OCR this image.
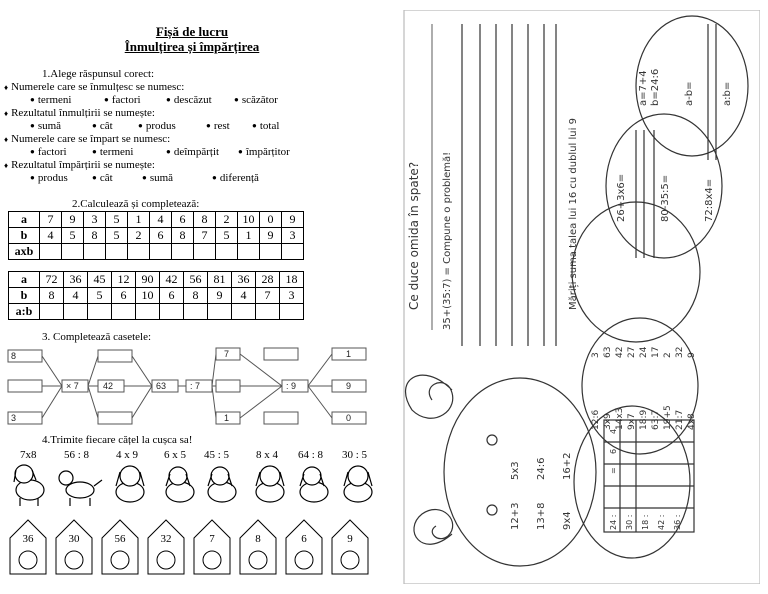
Fișă de lucru
Înmulțirea și împărțirea
1.Alege răspunsul corect:
♦ Numerele care se înmulțesc se numesc:
● termeni	● factori	● descăzut	● scăzător
♦ Rezultatul înmulțirii se numește:
● sumă	● cât	● produs	● rest	● total
♦ Numerele care se împart se numesc:
● factori	● termeni	● deîmpărțit	● împărțitor
♦ Rezultatul împărțirii se numește:
● produs	● cât	● sumă	● diferență
2.Calculează și completează:
a	7	9	3	5	1	4	6	8	2	10	0	9
b	4	5	8	5	2	6	8	7	5	1	9	3
axb												
a	72	36	45	12	90	42	56	81	36	28	18
b	8	4	5	6	10	6	8	9	4	7	3
a:b											
3. Completează casetele:
8
3
× 7	42	63	: 7
7
1
: 9
1
9
0
4.Trimite fiecare cățel la cușca sa!
7x8	56 : 8 4 x 9 6 x 5 45 : 5 8 x 4 64 : 8 30 : 5
36	30	56	32	7	8	6	9
Ce duce omida în spate? 35+(35:7) = Compune o problemă!	Măriți suma talea lui 16 cu dublul lui 9	26+3x6=	80-35:5=	72:8x4=
a=7+4 b=24:6 a-b=	a:b=
12:6 3x9 14x3 9x7 18:9 63:7 19+5 21:7 4x8
3 63 42 27 24 17 2 32 9
12+3
5x3
13+8
24:6
9x4
16+2
24 : 30 : 18 : 42 : 36 :
6
=
4
